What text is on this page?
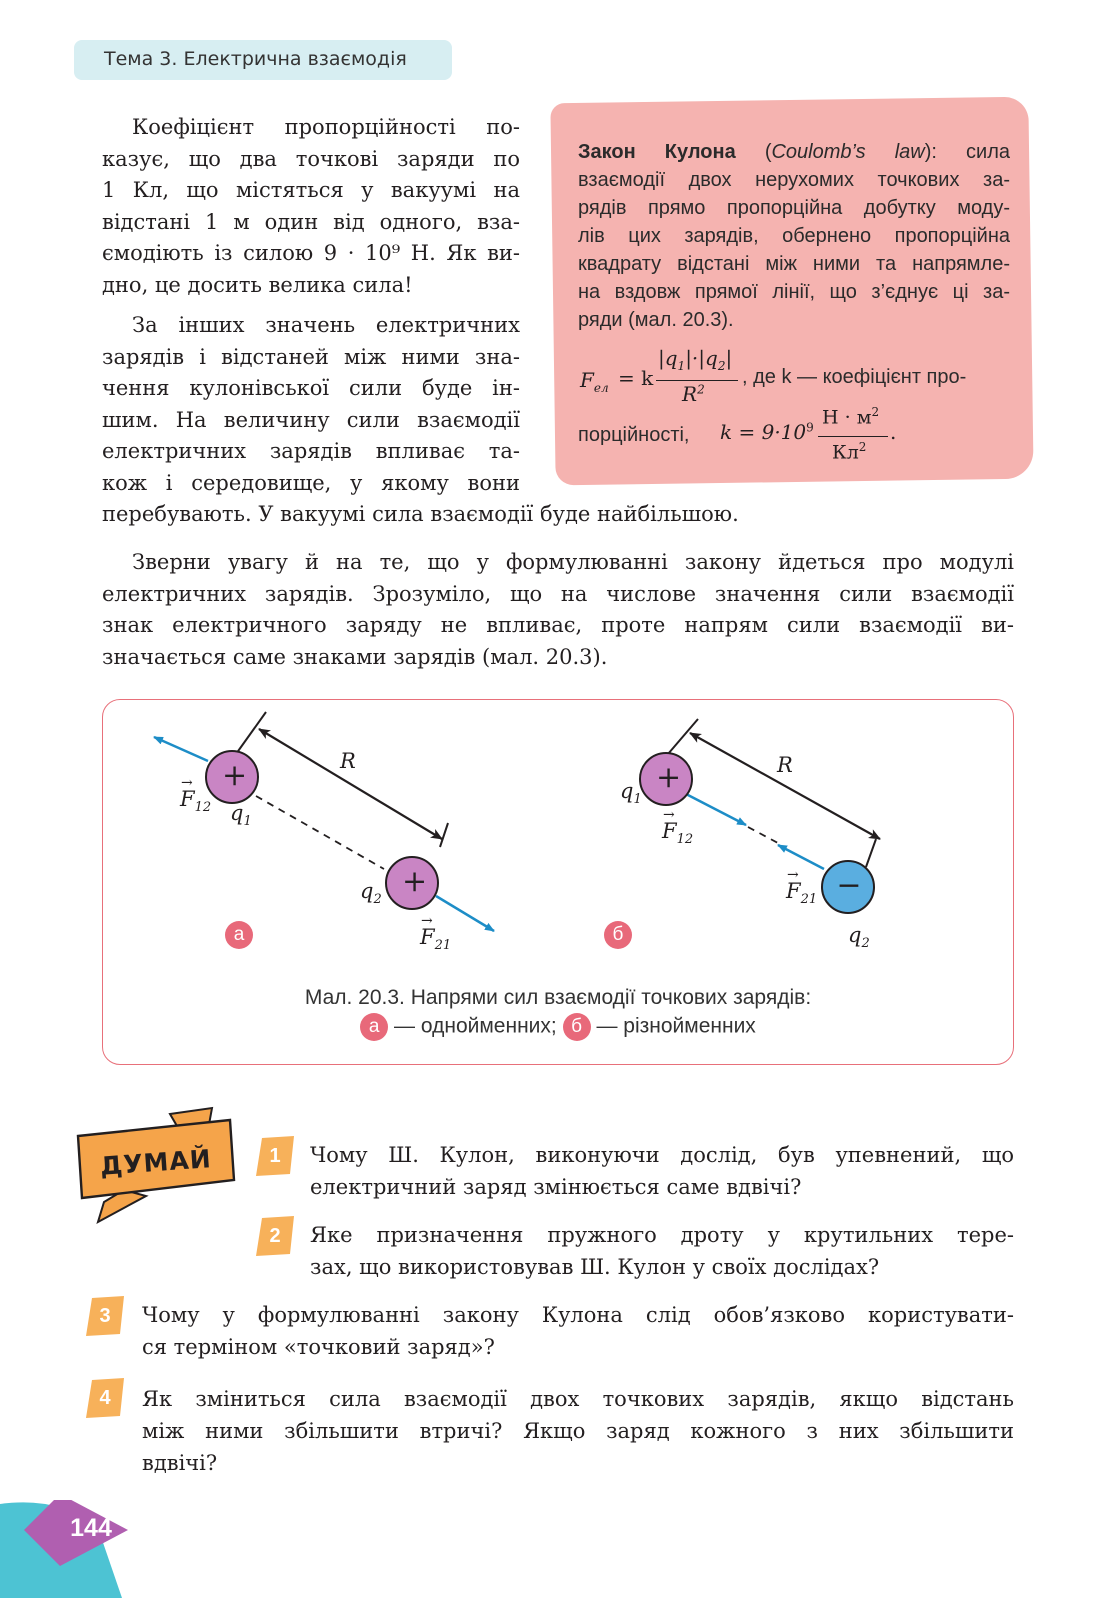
Тема 3. Електрична взаємодія
Коефіцієнт пропорційності по-
казує, що два точкові заряди по
1 Кл, що містяться у вакуумі на
відстані 1 м один від одного, вза-
ємодіють із силою 9 · 10⁹ Н. Як ви-
дно, це досить велика сила!
За інших значень електричних
зарядів і відстаней між ними зна-
чення кулонівської сили буде ін-
шим. На величину сили взаємодії
електричних зарядів впливає та-
кож і середовище, у якому вони
перебувають. У вакуумі сила взаємодії буде найбільшою.
Закон Кулона (Coulomb’s law): сила
взаємодії двох нерухомих точкових за-
рядів прямо пропорційна добутку моду-
лів цих зарядів, обернено пропорційна
квадрату відстані між ними та напрямле-
на вздовж прямої лінії, що з’єднує ці за-
ряди (мал. 20.3).
$F_{ел} = k$
$|q_1|\cdot|q_2|$
$R^2$
, де k — коефіцієнт про-
порційності, $k = 9\cdot 10^9$ $Н \cdot м^2$
$Кл^2$
.
Зверни увагу й на те, що у формулюванні закону йдеться про модулі
електричних зарядів. Зрозуміло, що на числове значення сили взаємодії
знак електричного заряду не впливає, проте напрям сили взаємодії ви-
значається саме знаками зарядів (мал. 20.3).
+
+
+
−
R	R
→
$F_{12}$ $q_1$
$q_2$
→
$F_{21}$
$q_1$
→
$F_{12}$
→
$F_{21}$
$q_2$
а	б
Мал. 20.3. Напрями сил взаємодії точкових зарядів:
а — однойменних; б — різнойменних
ДУМАЙ	1	Чому Ш. Кулон, виконуючи дослід, був упевнений, що
електричний заряд змінюється саме вдвічі?
2	Яке призначення пружного дроту у крутильних тере-
зах, що використовував Ш. Кулон у своїх дослідах?
3	Чому у формулюванні закону Кулона слід обов’язково користувати-
ся терміном «точковий заряд»?
4	Як зміниться сила взаємодії двох точкових зарядів, якщо відстань
між ними збільшити втричі? Якщо заряд кожного з них збільшити
вдвічі?
144
